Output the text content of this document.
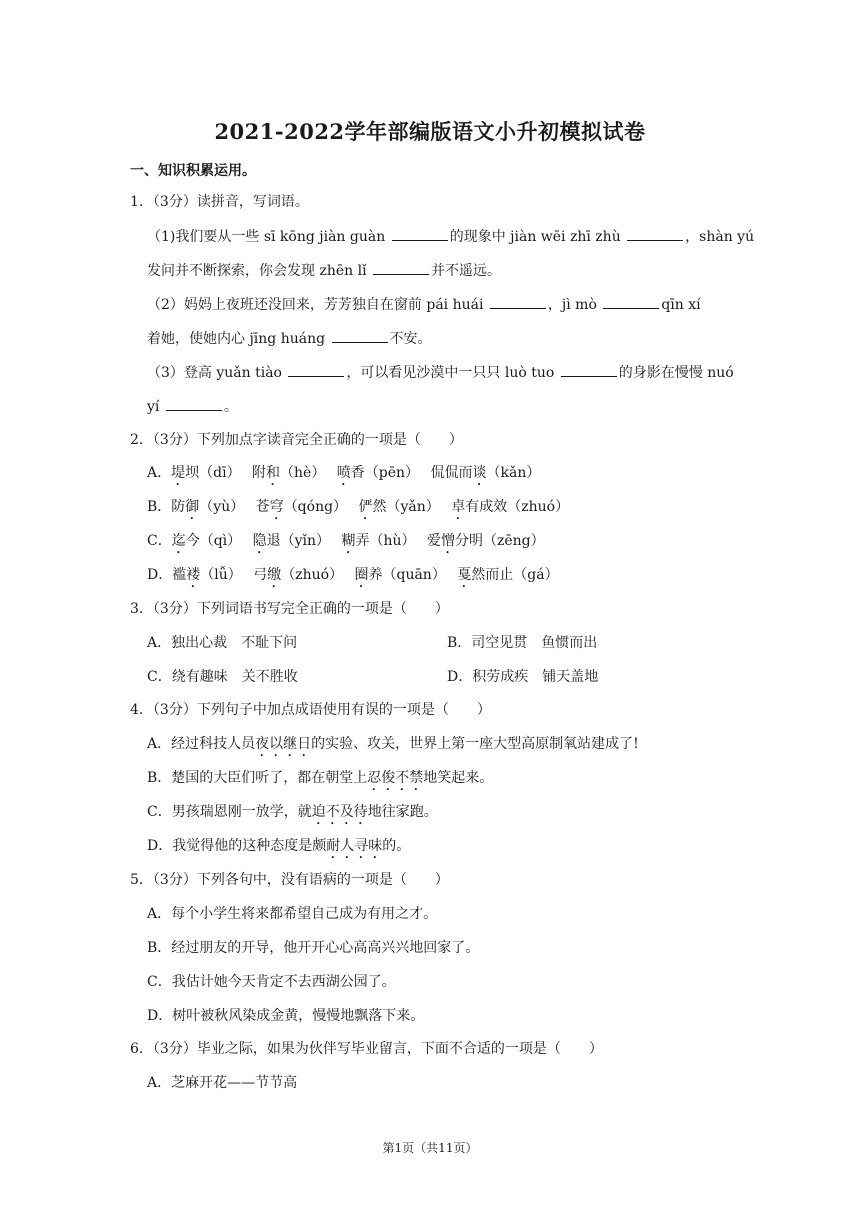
2021-2022学年部编版语文小升初模拟试卷
一、知识积累运用。
1．（3分）读拼音，写词语。
（1)我们要从一些 sī kōng jiàn guàn	的现象中 jiàn wēi zhī zhù	，shàn yú
发问并不断探索，你会发现 zhēn lǐ	并不遥远。
（2）妈妈上夜班还没回来，芳芳独自在窗前 pái huái	，jì mò	qīn xí
着她，使她内心 jīng huáng	不安。
（3）登高 yuǎn tiào	，可以看见沙漠中一只只 luò tuo	的身影在慢慢 nuó
yí	。
2．（3分）下列加点字读音完全正确的一项是（　　）
A．堤坝（dī）　 附和（hè）　 喷香（pēn）　 侃侃而谈（kǎn）
B．防御（yù）　 苍穹（qóng）　 俨然（yǎn）　 卓有成效（zhuó）
C．迄今（qì）　 隐退（yǐn）　 糊弄（hù）　 爱憎分明（zēng）
D．褴褛（lǚ）　 弓缴（zhuó）　 圈养（quān）　 戛然而止（gá）
3．（3分）下列词语书写完全正确的一项是（　　）
A．独出心裁　不耻下问	B．司空见贯　鱼惯而出
C．绕有趣味　关不胜收	D．积劳成疾　铺天盖地
4．（3分）下列句子中加点成语使用有误的一项是（　　）
A．经过科技人员夜以继日的实验、攻关，世界上第一座大型高原制氧站建成了!
B．楚国的大臣们听了，都在朝堂上忍俊不禁地笑起来。
C．男孩瑞恩刚一放学，就迫不及待地往家跑。
D．我觉得他的这种态度是颇耐人寻味的。
5．（3分）下列各句中，没有语病的一项是（　　）
A．每个小学生将来都希望自己成为有用之才。
B．经过朋友的开导，他开开心心高高兴兴地回家了。
C．我估计她今天肯定不去西湖公园了。
D．树叶被秋风染成金黄，慢慢地飘落下来。
6．（3分）毕业之际，如果为伙伴写毕业留言，下面不合适的一项是（　　）
A．芝麻开花——节节高
第1页（共11页）
